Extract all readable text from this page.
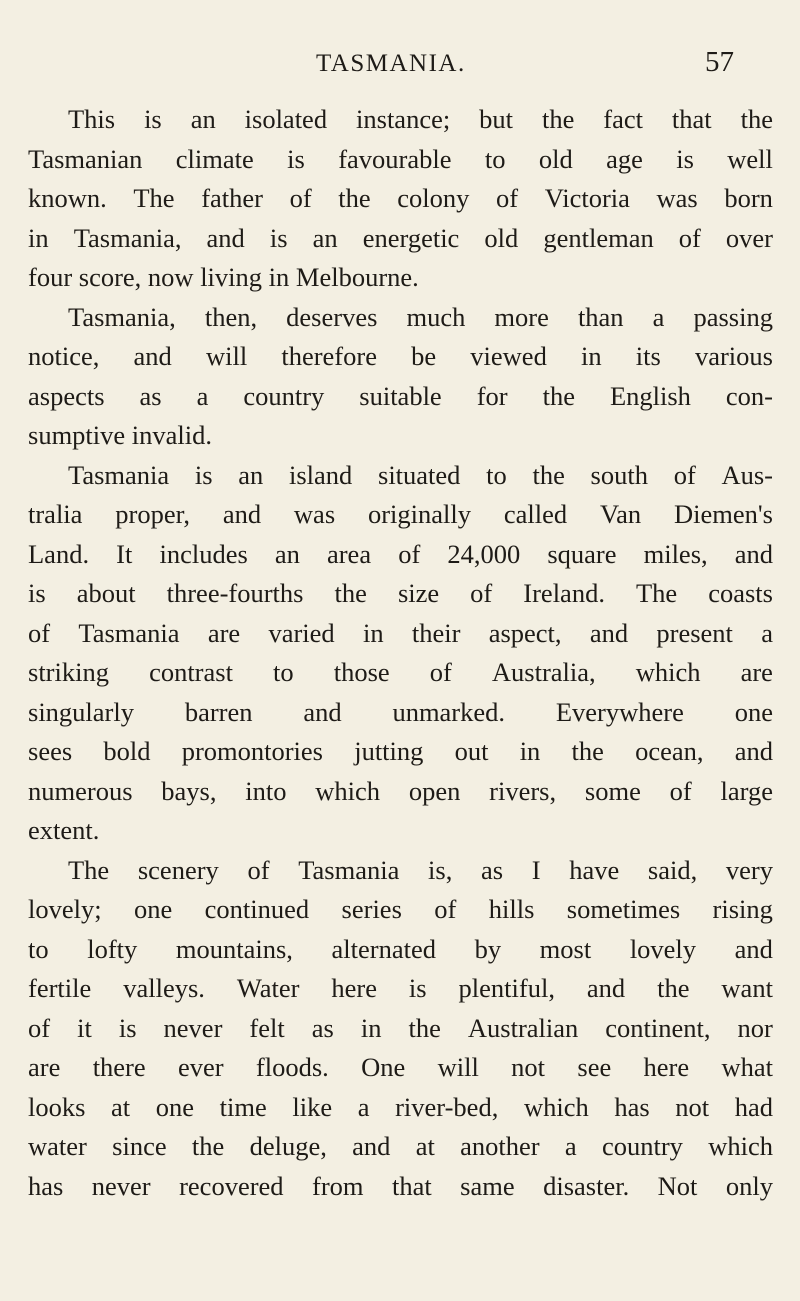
TASMANIA.	57
This is an isolated instance; but the fact that the
Tasmanian climate is favourable to old age is well
known. The father of the colony of Victoria was born
in Tasmania, and is an energetic old gentleman of over
four score, now living in Melbourne.
Tasmania, then, deserves much more than a passing
notice, and will therefore be viewed in its various
aspects as a country suitable for the English con-
sumptive invalid.
Tasmania is an island situated to the south of Aus-
tralia proper, and was originally called Van Diemen's
Land. It includes an area of 24,000 square miles, and
is about three-fourths the size of Ireland. The coasts
of Tasmania are varied in their aspect, and present a
striking contrast to those of Australia, which are
singularly barren and unmarked. Everywhere one
sees bold promontories jutting out in the ocean, and
numerous bays, into which open rivers, some of large
extent.
The scenery of Tasmania is, as I have said, very
lovely; one continued series of hills sometimes rising
to lofty mountains, alternated by most lovely and
fertile valleys. Water here is plentiful, and the want
of it is never felt as in the Australian continent, nor
are there ever floods. One will not see here what
looks at one time like a river-bed, which has not had
water since the deluge, and at another a country which
has never recovered from that same disaster. Not only
